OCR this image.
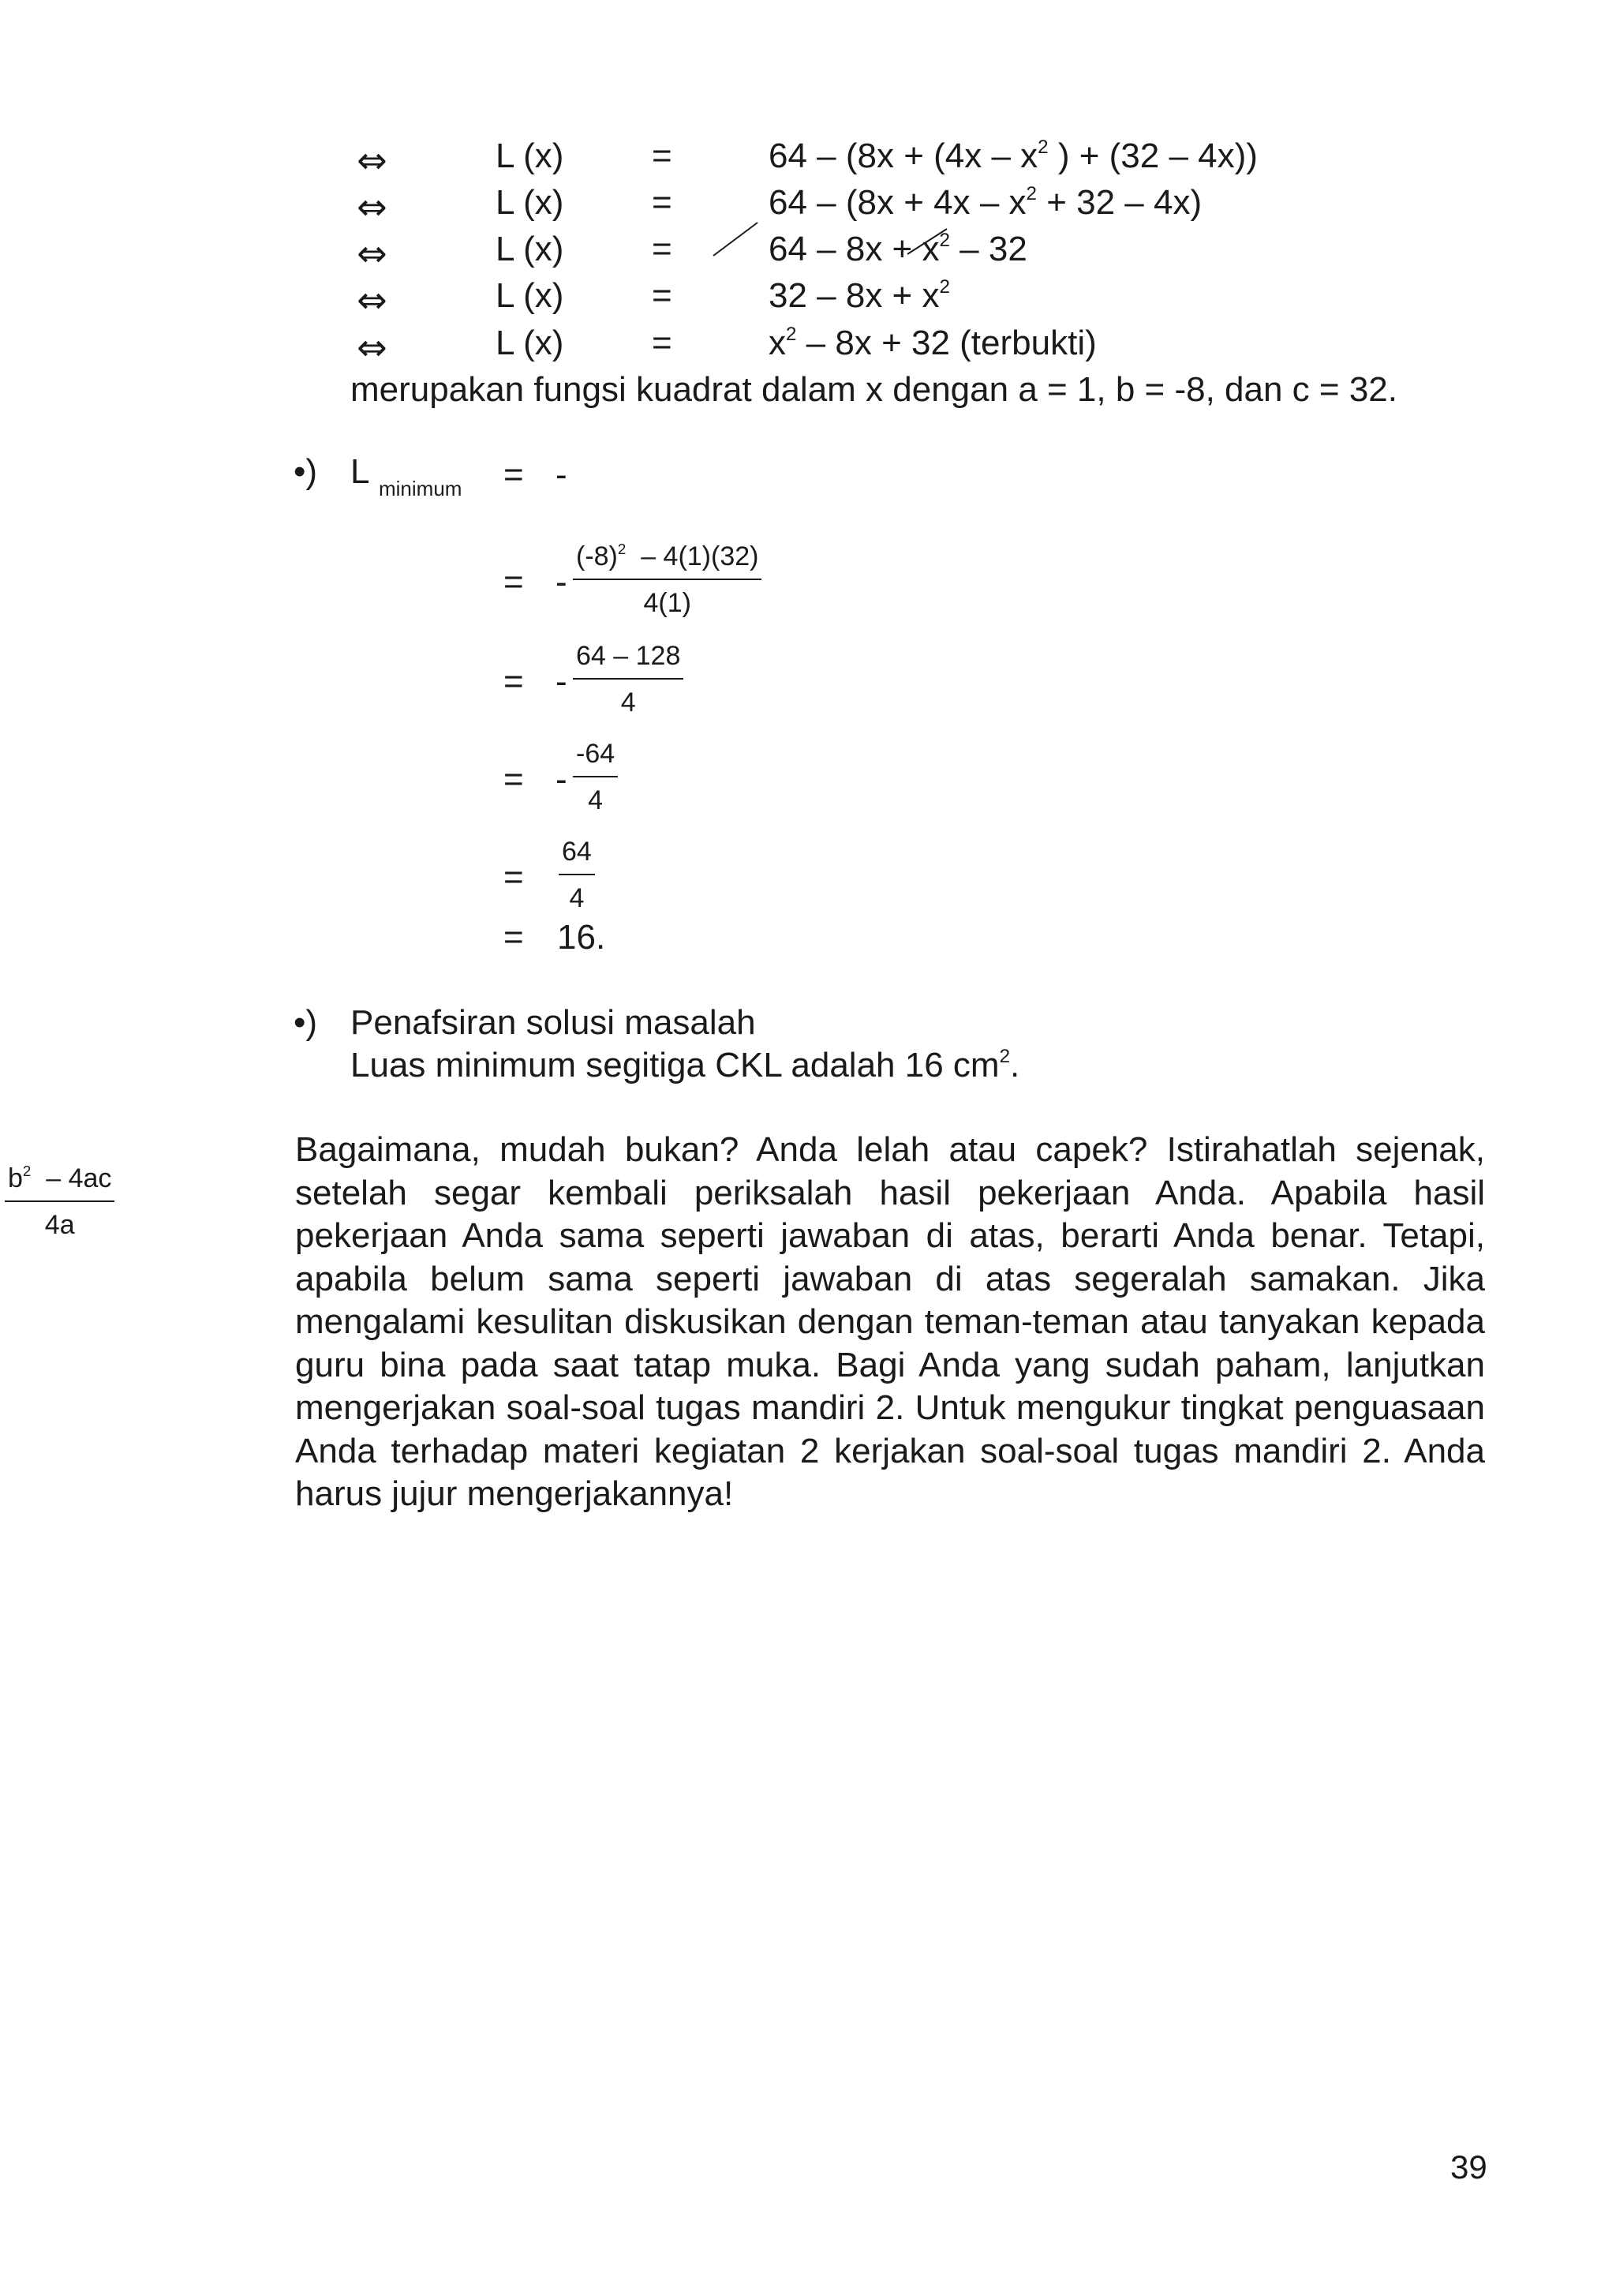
⇔	L (x)	=	$64 - (8x + (4x - x^2$ ) + (32 – 4x))
⇔	L (x)	=	$64 - (8x + 4x - x^2 + 32 - 4x)$
⇔	L (x)	=	$64 - 8x + x^2 - 32$
⇔	L (x)	=	$32 - 8x + x^2$
⇔	L (x)	=	$x^2 - 8x + 32$ (terbukti)
merupakan fungsi kuadrat dalam x dengan a = 1, b = -8, dan c = 32.
•) L minimum = -
= - $\frac{(-8)^2 - 4(1)(32)}{4(1)}$
= - $\frac{64 - 128}{4}$
= - $\frac{-64}{4}$
= $\frac{64}{4}$
= 16.
•) Penafsiran solusi masalah
Luas minimum segitiga CKL adalah 16 $cm^2$.
$\frac{b^2 - 4ac}{4a}$

Bagaimana, mudah bukan? Anda lelah atau capek? Istirahatlah sejenak, setelah segar kembali periksalah hasil pekerjaan Anda. Apabila hasil pekerjaan Anda sama seperti jawaban di atas, berarti Anda benar. Tetapi, apabila belum sama seperti jawaban di atas segeralah samakan. Jika mengalami kesulitan diskusikan dengan teman-teman atau tanyakan kepada guru bina pada saat tatap muka. Bagi Anda yang sudah paham, lanjutkan mengerjakan soal-soal tugas mandiri 2. Untuk mengukur tingkat penguasaan Anda terhadap materi kegiatan 2 kerjakan soal-soal tugas mandiri 2. Anda harus jujur mengerjakannya!

39
